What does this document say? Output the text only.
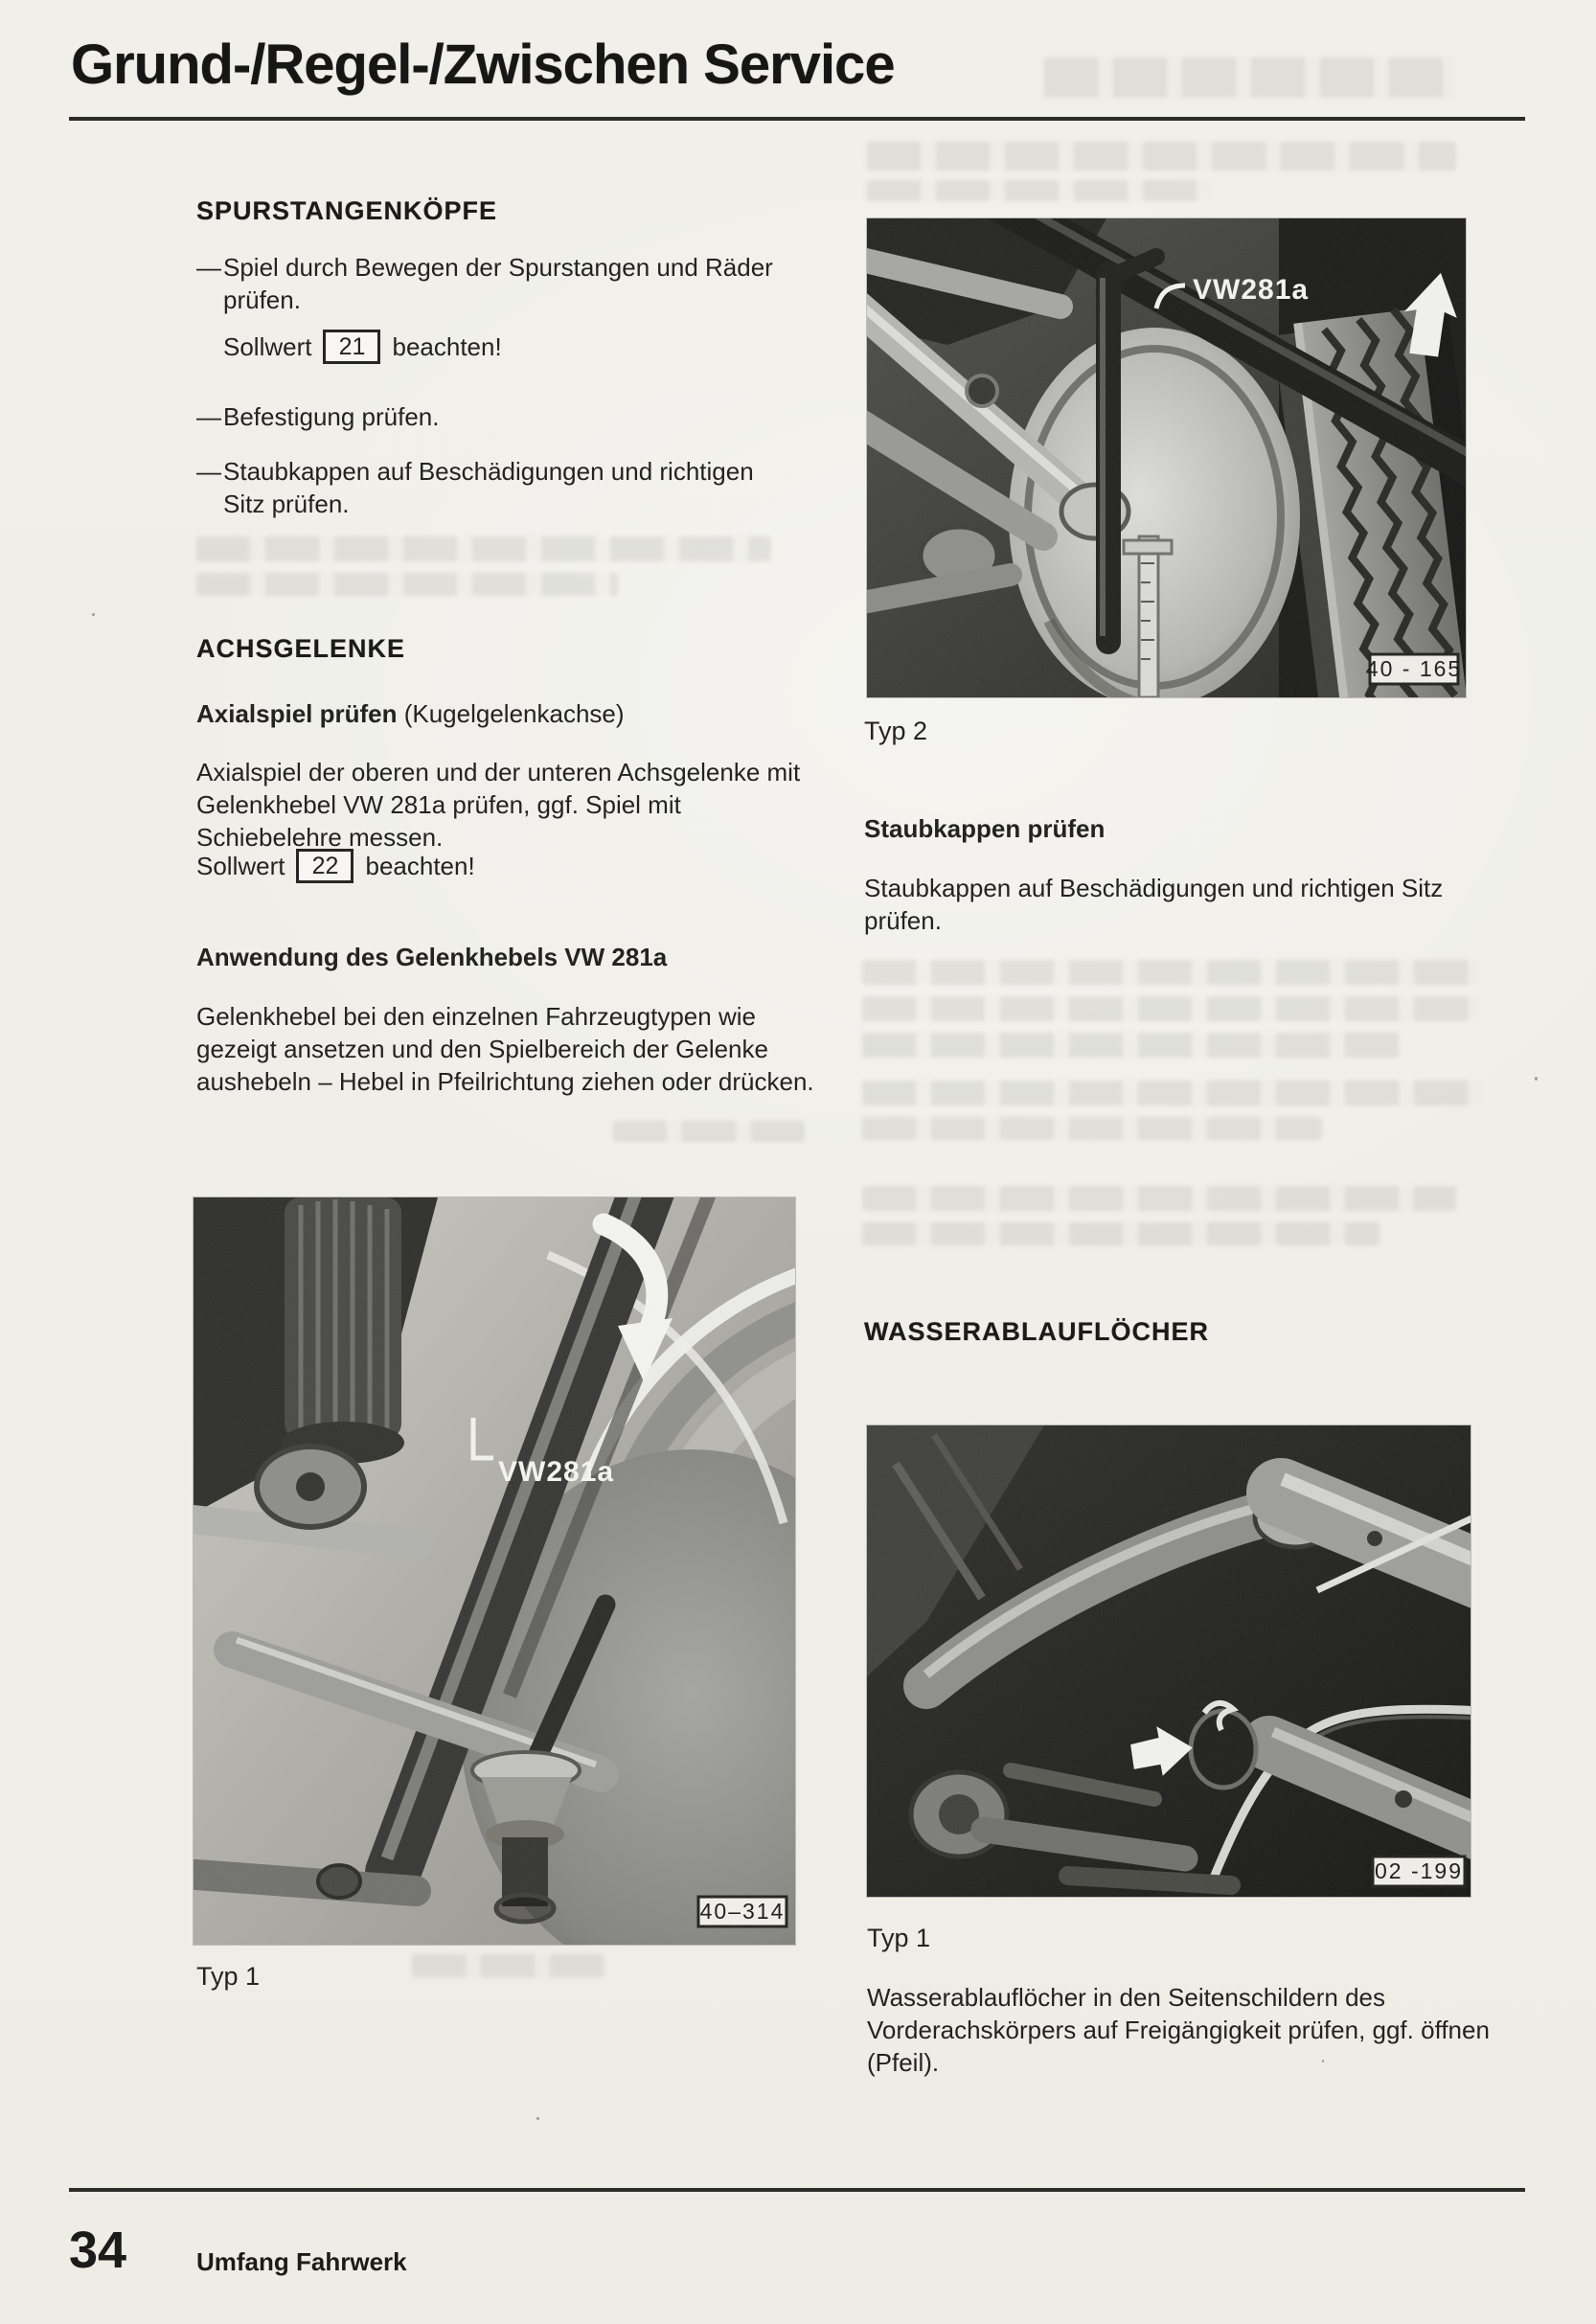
Grund-/Regel-/Zwischen Service
SPURSTANGENKÖPFE
— Spiel durch Bewegen der Spurstangen und Räder prüfen.
Sollwert	21	beachten!
— Befestigung prüfen.
— Staubkappen auf Beschädigungen und richtigen Sitz prüfen.
ACHSGELENKE
Axialspiel prüfen (Kugelgelenkachse)
Axialspiel der oberen und der unteren Achsgelenke mit Gelenkhebel VW 281a prüfen, ggf. Spiel mit Schiebelehre messen.
Sollwert	22	beachten!
Anwendung des Gelenkhebels VW 281a
Gelenkhebel bei den einzelnen Fahrzeugtypen wie gezeigt ansetzen und den Spielbereich der Gelenke aushebeln – Hebel in Pfeilrichtung ziehen oder drücken.
Typ 1
Typ 2
Staubkappen prüfen
Staubkappen auf Beschädigungen und richtigen Sitz prüfen.
WASSERABLAUFLÖCHER
Typ 1
Wasserablauflöcher in den Seitenschildern des Vorderachskörpers auf Freigängigkeit prüfen, ggf. öffnen (Pfeil).
34	Umfang Fahrwerk
